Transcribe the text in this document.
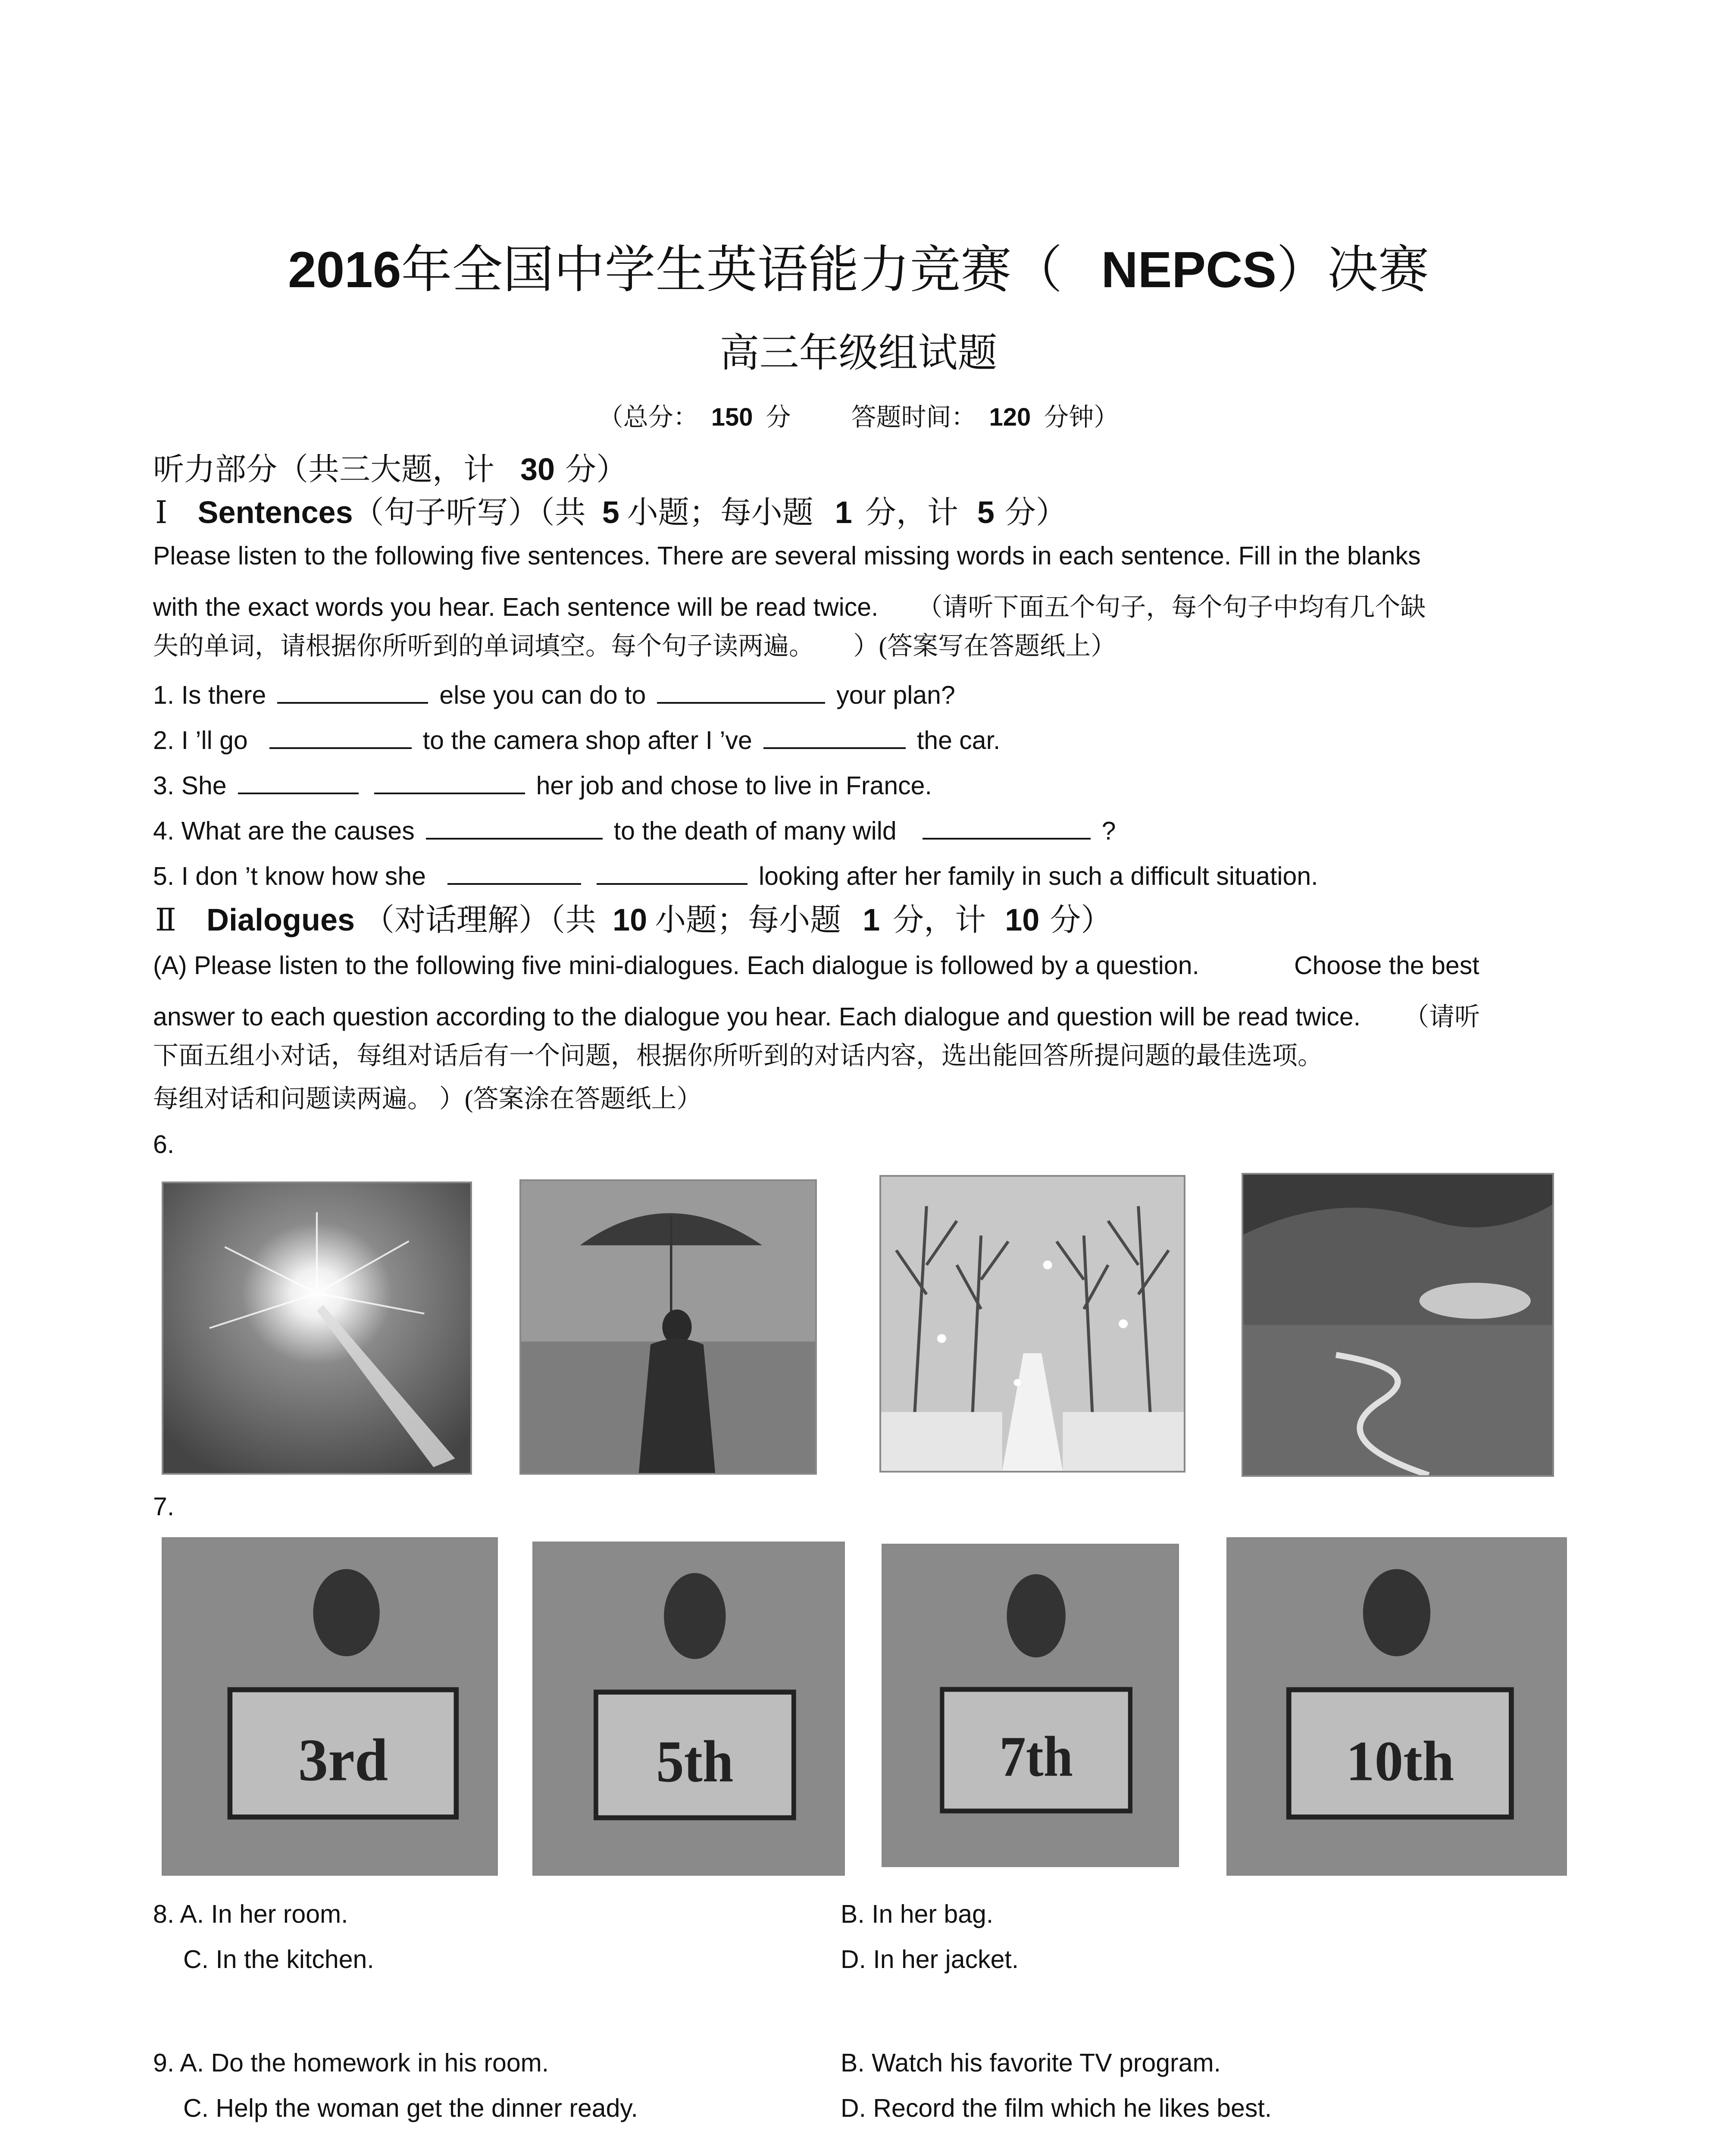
2016年全国中学生英语能力竞赛（ NEPCS）决赛
高三年级组试题
（总分： 150 分 答题时间： 120 分钟）
听力部分（共三大题，计 30 分）
Ⅰ Sentences（句子听写）（共 5 小题；每小题 1 分，计 5 分）
Please listen to the following five sentences. There are several missing words in each sentence. Fill in the blanks
with the exact words you hear. Each sentence will be read twice. （请听下面五个句子，每个句子中均有几个缺
失的单词，请根据你所听到的单词填空。每个句子读两遍。 ）(答案写在答题纸上）
1. Is there	else you can do to	your plan?
2. I ’ll go	to the camera shop after I ’ve	the car.
3. She	her job and chose to live in France.
4. What are the causes	to the death of many wild	?
5. I don ’t know how she	looking after her family in such a difficult situation.
Ⅱ Dialogues （对话理解）（共 10 小题；每小题 1 分，计 10 分）
(A) Please listen to the following five mini-dialogues. Each dialogue is followed by a question.	Choose the best
answer to each question according to the dialogue you hear. Each dialogue and question will be read twice. （请听
下面五组小对话，每组对话后有一个问题，根据你所听到的对话内容，选出能回答所提问题的最佳选项。
每组对话和问题读两遍。 ）(答案涂在答题纸上）
6.
7.
3rd	5th	7th	10th
8. A. In her room.	B. In her bag.
C. In the kitchen.	D. In her jacket.
9. A. Do the homework in his room.	B. Watch his favorite TV program.
C. Help the woman get the dinner ready.	D. Record the film which he likes best.
